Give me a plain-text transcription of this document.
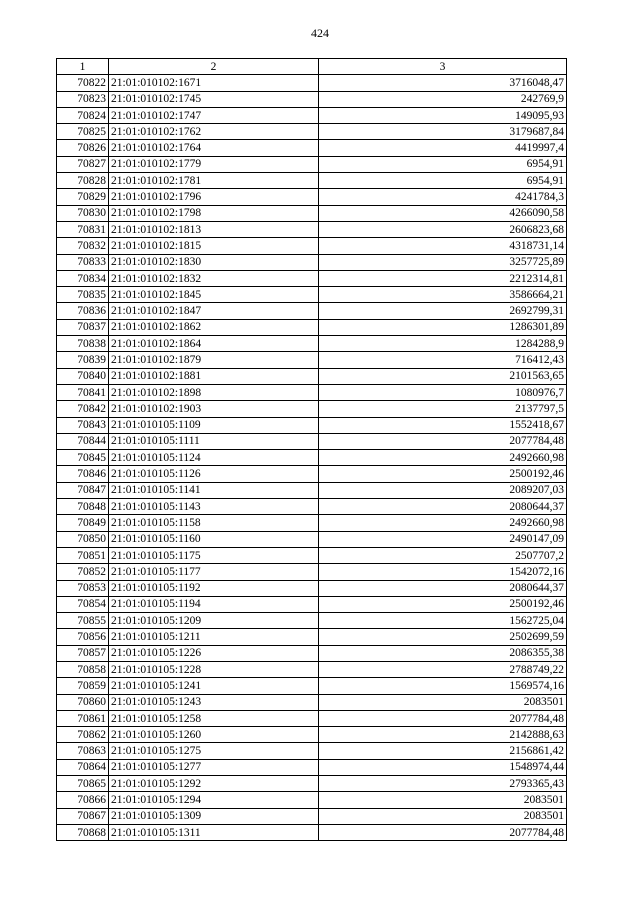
424
1	2	3
70822	21:01:010102:1671	3716048,47
70823	21:01:010102:1745	242769,9
70824	21:01:010102:1747	149095,93
70825	21:01:010102:1762	3179687,84
70826	21:01:010102:1764	4419997,4
70827	21:01:010102:1779	6954,91
70828	21:01:010102:1781	6954,91
70829	21:01:010102:1796	4241784,3
70830	21:01:010102:1798	4266090,58
70831	21:01:010102:1813	2606823,68
70832	21:01:010102:1815	4318731,14
70833	21:01:010102:1830	3257725,89
70834	21:01:010102:1832	2212314,81
70835	21:01:010102:1845	3586664,21
70836	21:01:010102:1847	2692799,31
70837	21:01:010102:1862	1286301,89
70838	21:01:010102:1864	1284288,9
70839	21:01:010102:1879	716412,43
70840	21:01:010102:1881	2101563,65
70841	21:01:010102:1898	1080976,7
70842	21:01:010102:1903	2137797,5
70843	21:01:010105:1109	1552418,67
70844	21:01:010105:1111	2077784,48
70845	21:01:010105:1124	2492660,98
70846	21:01:010105:1126	2500192,46
70847	21:01:010105:1141	2089207,03
70848	21:01:010105:1143	2080644,37
70849	21:01:010105:1158	2492660,98
70850	21:01:010105:1160	2490147,09
70851	21:01:010105:1175	2507707,2
70852	21:01:010105:1177	1542072,16
70853	21:01:010105:1192	2080644,37
70854	21:01:010105:1194	2500192,46
70855	21:01:010105:1209	1562725,04
70856	21:01:010105:1211	2502699,59
70857	21:01:010105:1226	2086355,38
70858	21:01:010105:1228	2788749,22
70859	21:01:010105:1241	1569574,16
70860	21:01:010105:1243	2083501
70861	21:01:010105:1258	2077784,48
70862	21:01:010105:1260	2142888,63
70863	21:01:010105:1275	2156861,42
70864	21:01:010105:1277	1548974,44
70865	21:01:010105:1292	2793365,43
70866	21:01:010105:1294	2083501
70867	21:01:010105:1309	2083501
70868	21:01:010105:1311	2077784,48
